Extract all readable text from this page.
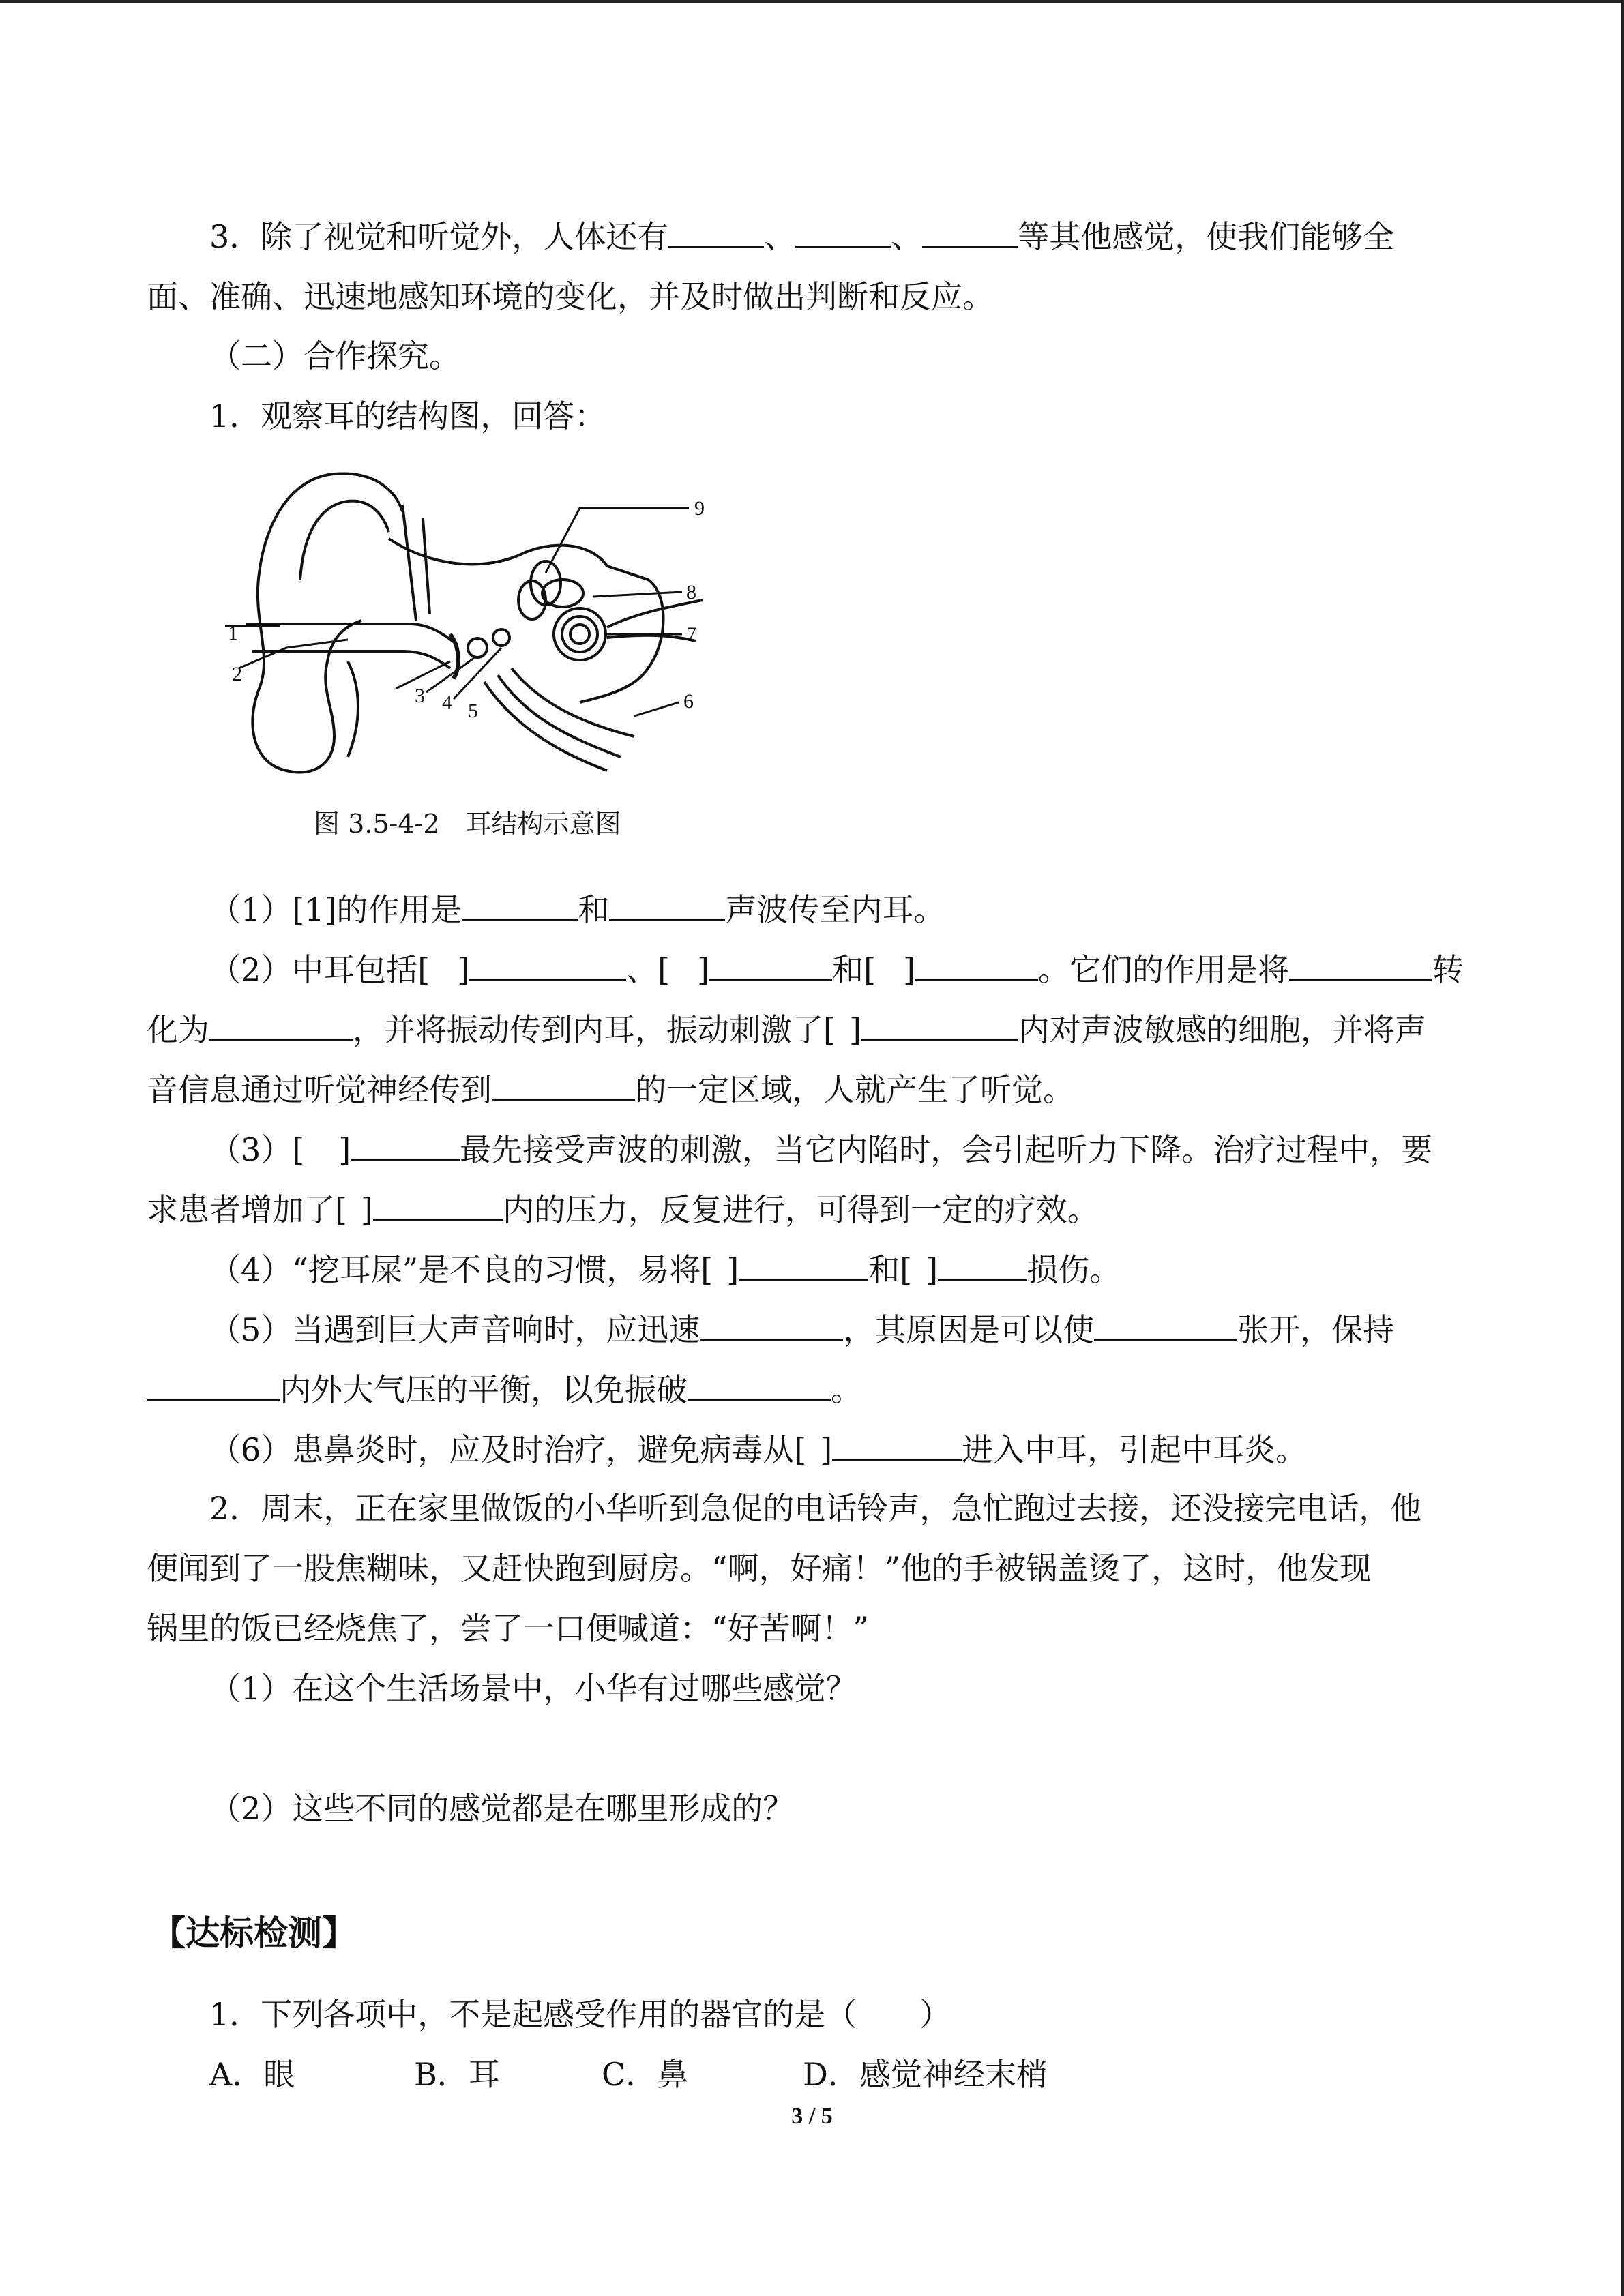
3．除了视觉和听觉外，人体还有	、	、	等其他感觉，使我们能够全
面、准确、迅速地感知环境的变化，并及时做出判断和反应。
（二）合作探究。
1．观察耳的结构图，回答：
1
2
3 4 5	6
7
8
9
图 3.5-4-2　耳结构示意图
（1）[1]的作用是	和	声波传至内耳。
（2）中耳包括[ ]	、[ ]	和[ ]	。它们的作用是将	转
化为	，并将振动传到内耳，振动刺激了[ ]	内对声波敏感的细胞，并将声
音信息通过听觉神经传到	的一定区域，人就产生了听觉。
（3）[ ]	最先接受声波的刺激，当它内陷时，会引起听力下降。治疗过程中，要
求患者增加了[ ]	内的压力，反复进行，可得到一定的疗效。
（4）“挖耳屎”是不良的习惯，易将[ ]	和[ ]	损伤。
（5）当遇到巨大声音响时，应迅速	，其原因是可以使	张开，保持
内外大气压的平衡，以免振破	。
（6）患鼻炎时，应及时治疗，避免病毒从[ ]	进入中耳，引起中耳炎。
2．周末，正在家里做饭的小华听到急促的电话铃声，急忙跑过去接，还没接完电话，他
便闻到了一股焦糊味，又赶快跑到厨房。“啊，好痛！”他的手被锅盖烫了，这时，他发现
锅里的饭已经烧焦了，尝了一口便喊道：“好苦啊！”
（1）在这个生活场景中，小华有过哪些感觉？
（2）这些不同的感觉都是在哪里形成的？
【达标检测】
1．下列各项中，不是起感受作用的器官的是（　　）
A．眼	B．耳	C．鼻	D．感觉神经末梢
3 / 5
